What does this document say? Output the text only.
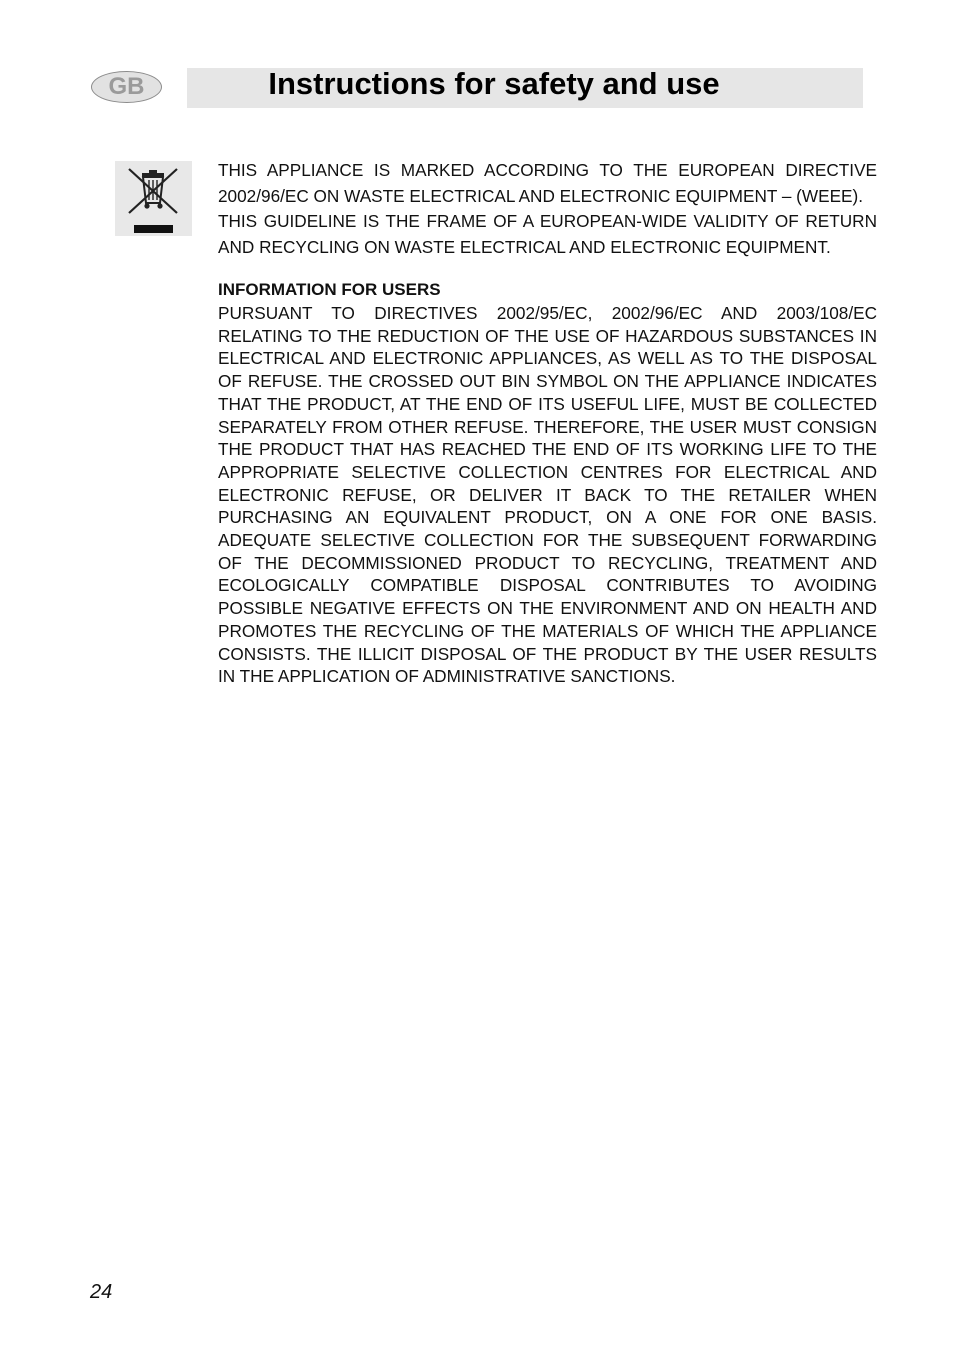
GB	Instructions for safety and use

THIS APPLIANCE IS MARKED ACCORDING TO THE EUROPEAN DIRECTIVE 2002/96/EC ON WASTE ELECTRICAL AND ELECTRONIC EQUIPMENT – (WEEE).

THIS GUIDELINE IS THE FRAME OF A EUROPEAN-WIDE VALIDITY OF RETURN AND RECYCLING ON WASTE ELECTRICAL AND ELECTRONIC EQUIPMENT.

INFORMATION FOR USERS

PURSUANT TO DIRECTIVES 2002/95/EC, 2002/96/EC AND 2003/108/EC RELATING TO THE REDUCTION OF THE USE OF HAZARDOUS SUBSTANCES IN ELECTRICAL AND ELECTRONIC APPLIANCES, AS WELL AS TO THE DISPOSAL OF REFUSE. THE CROSSED OUT BIN SYMBOL ON THE APPLIANCE INDICATES THAT THE PRODUCT, AT THE END OF ITS USEFUL LIFE, MUST BE COLLECTED SEPARATELY FROM OTHER REFUSE. THEREFORE, THE USER MUST CONSIGN THE PRODUCT THAT HAS REACHED THE END OF ITS WORKING LIFE TO THE APPROPRIATE SELECTIVE COLLECTION CENTRES FOR ELECTRICAL AND ELECTRONIC REFUSE, OR DELIVER IT BACK TO THE RETAILER WHEN PURCHASING AN EQUIVALENT PRODUCT, ON A ONE FOR ONE BASIS. ADEQUATE SELECTIVE COLLECTION FOR THE SUBSEQUENT FORWARDING OF THE DECOMMISSIONED PRODUCT TO RECYCLING, TREATMENT AND ECOLOGICALLY COMPATIBLE DISPOSAL CONTRIBUTES TO AVOIDING POSSIBLE NEGATIVE EFFECTS ON THE ENVIRONMENT AND ON HEALTH AND PROMOTES THE RECYCLING OF THE MATERIALS OF WHICH THE APPLIANCE CONSISTS. THE ILLICIT DISPOSAL OF THE PRODUCT BY THE USER RESULTS IN THE APPLICATION OF ADMINISTRATIVE SANCTIONS.

24
